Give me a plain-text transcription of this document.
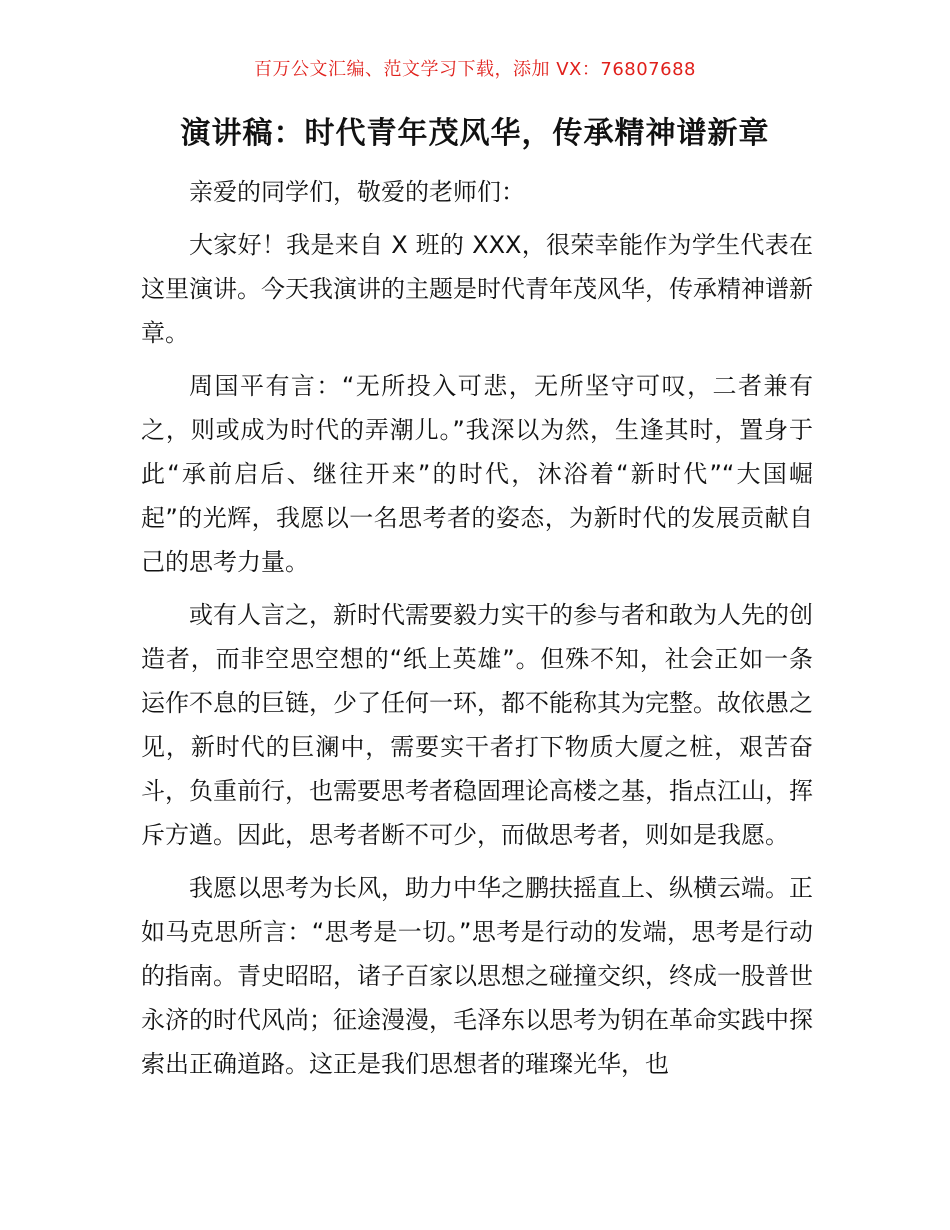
百万公文汇编、范文学习下载，添加 VX：76807688
演讲稿：时代青年茂风华，传承精神谱新章

亲爱的同学们，敬爱的老师们：

大家好！我是来自 X 班的 XXX，很荣幸能作为学生代表在这里演讲。今天我演讲的主题是时代青年茂风华，传承精神谱新章。

周国平有言：“无所投入可悲，无所坚守可叹，二者兼有之，则或成为时代的弄潮儿。”我深以为然，生逢其时，置身于此“承前启后、继往开来”的时代，沐浴着“新时代”“大国崛起”的光辉，我愿以一名思考者的姿态，为新时代的发展贡献自己的思考力量。

或有人言之，新时代需要毅力实干的参与者和敢为人先的创造者，而非空思空想的“纸上英雄”。但殊不知，社会正如一条运作不息的巨链，少了任何一环，都不能称其为完整。故依愚之见，新时代的巨澜中，需要实干者打下物质大厦之桩，艰苦奋斗，负重前行，也需要思考者稳固理论高楼之基，指点江山，挥斥方遒。因此，思考者断不可少，而做思考者，则如是我愿。

我愿以思考为长风，助力中华之鹏扶摇直上、纵横云端。正如马克思所言：“思考是一切。”思考是行动的发端，思考是行动的指南。青史昭昭，诸子百家以思想之碰撞交织，终成一股普世永济的时代风尚；征途漫漫，毛泽东以思考为钥在革命实践中探索出正确道路。这正是我们思想者的璀璨光华，也
